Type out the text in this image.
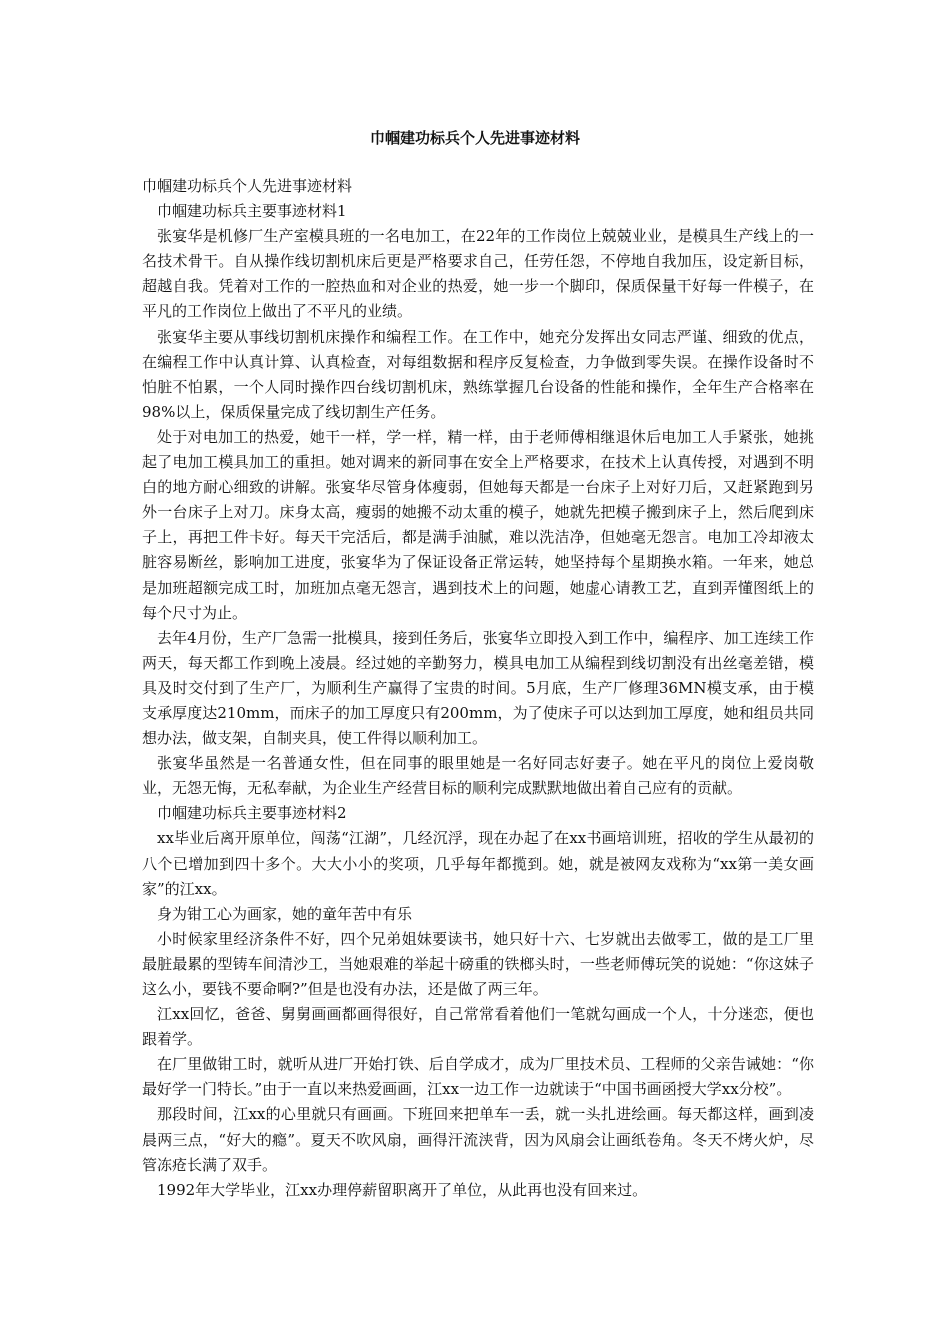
巾帼建功标兵个人先进事迹材料

巾帼建功标兵个人先进事迹材料

巾帼建功标兵主要事迹材料1

张宴华是机修厂生产室模具班的一名电加工，在22年的工作岗位上兢兢业业，是模具生产线上的一名技术骨干。自从操作线切割机床后更是严格要求自己，任劳任怨，不停地自我加压，设定新目标，超越自我。凭着对工作的一腔热血和对企业的热爱，她一步一个脚印，保质保量干好每一件模子，在平凡的工作岗位上做出了不平凡的业绩。

张宴华主要从事线切割机床操作和编程工作。在工作中，她充分发挥出女同志严谨、细致的优点，在编程工作中认真计算、认真检查，对每组数据和程序反复检查，力争做到零失误。在操作设备时不怕脏不怕累，一个人同时操作四台线切割机床，熟练掌握几台设备的性能和操作，全年生产合格率在98%以上，保质保量完成了线切割生产任务。

处于对电加工的热爱，她干一样，学一样，精一样，由于老师傅相继退休后电加工人手紧张，她挑起了电加工模具加工的重担。她对调来的新同事在安全上严格要求，在技术上认真传授，对遇到不明白的地方耐心细致的讲解。张宴华尽管身体瘦弱，但她每天都是一台床子上对好刀后，又赶紧跑到另外一台床子上对刀。床身太高，瘦弱的她搬不动太重的模子，她就先把模子搬到床子上，然后爬到床子上，再把工件卡好。每天干完活后，都是满手油腻，难以洗洁净，但她毫无怨言。电加工冷却液太脏容易断丝，影响加工进度，张宴华为了保证设备正常运转，她坚持每个星期换水箱。一年来，她总是加班超额完成工时，加班加点毫无怨言，遇到技术上的问题，她虚心请教工艺，直到弄懂图纸上的每个尺寸为止。

去年4月份，生产厂急需一批模具，接到任务后，张宴华立即投入到工作中，编程序、加工连续工作两天，每天都工作到晚上凌晨。经过她的辛勤努力，模具电加工从编程到线切割没有出丝毫差错，模具及时交付到了生产厂，为顺利生产赢得了宝贵的时间。5月底，生产厂修理36MN模支承，由于模支承厚度达210mm，而床子的加工厚度只有200mm，为了使床子可以达到加工厚度，她和组员共同想办法，做支架，自制夹具，使工件得以顺利加工。

张宴华虽然是一名普通女性，但在同事的眼里她是一名好同志好妻子。她在平凡的岗位上爱岗敬业，无怨无悔，无私奉献，为企业生产经营目标的顺利完成默默地做出着自己应有的贡献。

巾帼建功标兵主要事迹材料2

xx毕业后离开原单位，闯荡“江湖”，几经沉浮，现在办起了在xx书画培训班，招收的学生从最初的八个已增加到四十多个。大大小小的奖项，几乎每年都揽到。她，就是被网友戏称为“xx第一美女画家”的江xx。

身为钳工心为画家，她的童年苦中有乐

小时候家里经济条件不好，四个兄弟姐妹要读书，她只好十六、七岁就出去做零工，做的是工厂里最脏最累的型铸车间清沙工，当她艰难的举起十磅重的铁榔头时，一些老师傅玩笑的说她：“你这妹子这么小，要钱不要命啊?”但是也没有办法，还是做了两三年。

江xx回忆，爸爸、舅舅画画都画得很好，自己常常看着他们一笔就勾画成一个人，十分迷恋，便也跟着学。

在厂里做钳工时，就听从进厂开始打铁、后自学成才，成为厂里技术员、工程师的父亲告诫她：“你最好学一门特长。”由于一直以来热爱画画，江xx一边工作一边就读于“中国书画函授大学xx分校”。

那段时间，江xx的心里就只有画画。下班回来把单车一丢，就一头扎进绘画。每天都这样，画到凌晨两三点，“好大的瘾”。夏天不吹风扇，画得汗流浃背，因为风扇会让画纸卷角。冬天不烤火炉，尽管冻疮长满了双手。

1992年大学毕业，江xx办理停薪留职离开了单位，从此再也没有回来过。
